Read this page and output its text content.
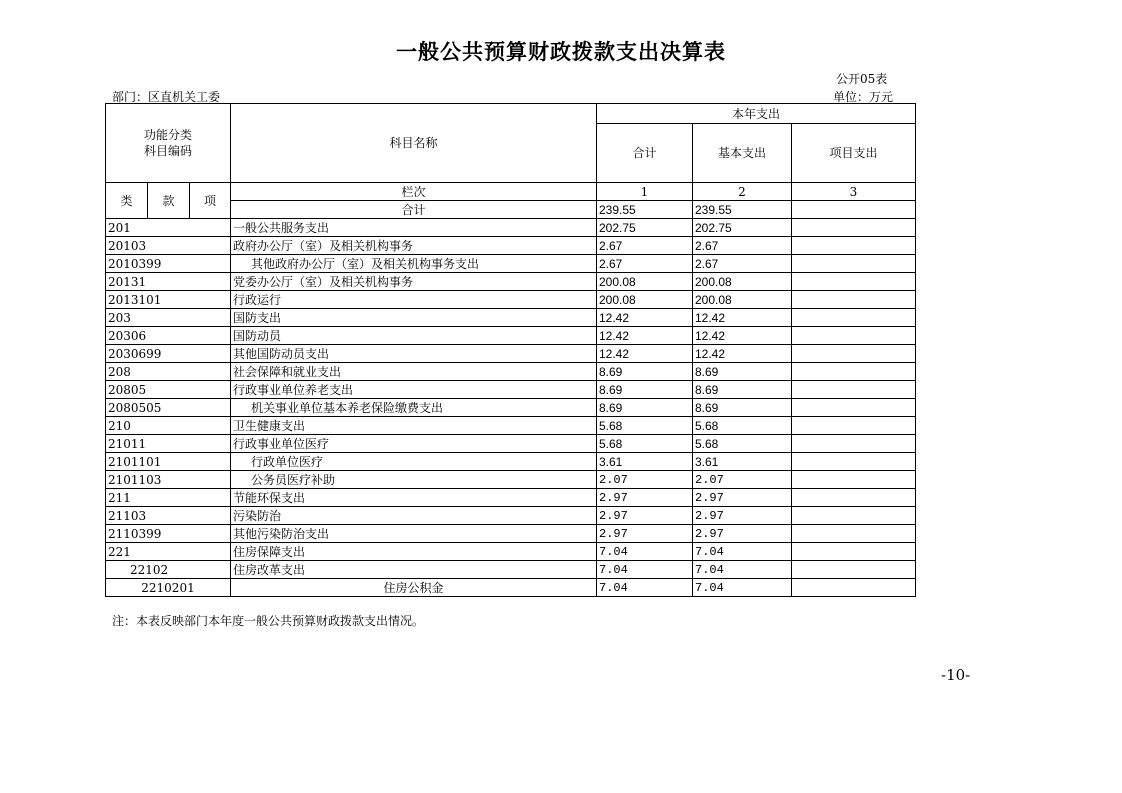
一般公共预算财政拨款支出决算表
公开05表
部门：区直机关工委	单位：万元
功能分类
科目编码			科目名称	本年支出		
				合计	基本支出	项目支出
类	款	项	栏次	1	2	3
			合计	239.55	239.55	
201			一般公共服务支出	202.75	202.75	
20103			政府办公厅（室）及相关机构事务	2.67	2.67	
2010399			其他政府办公厅（室）及相关机构事务支出	2.67	2.67	
20131			党委办公厅（室）及相关机构事务	200.08	200.08	
2013101			行政运行	200.08	200.08	
203			国防支出	12.42	12.42	
20306			国防动员	12.42	12.42	
2030699			其他国防动员支出	12.42	12.42	
208			社会保障和就业支出	8.69	8.69	
20805			行政事业单位养老支出	8.69	8.69	
2080505			机关事业单位基本养老保险缴费支出	8.69	8.69	
210			卫生健康支出	5.68	5.68	
21011			行政事业单位医疗	5.68	5.68	
2101101			行政单位医疗	3.61	3.61	
2101103			公务员医疗补助	2.07	2.07	
211			节能环保支出	2.97	2.97	
21103			污染防治	2.97	2.97	
2110399			其他污染防治支出	2.97	2.97	
221			住房保障支出	7.04	7.04	
22102			住房改革支出	7.04	7.04	
2210201			住房公积金	7.04	7.04	
注：本表反映部门本年度一般公共预算财政拨款支出情况。
-10-
